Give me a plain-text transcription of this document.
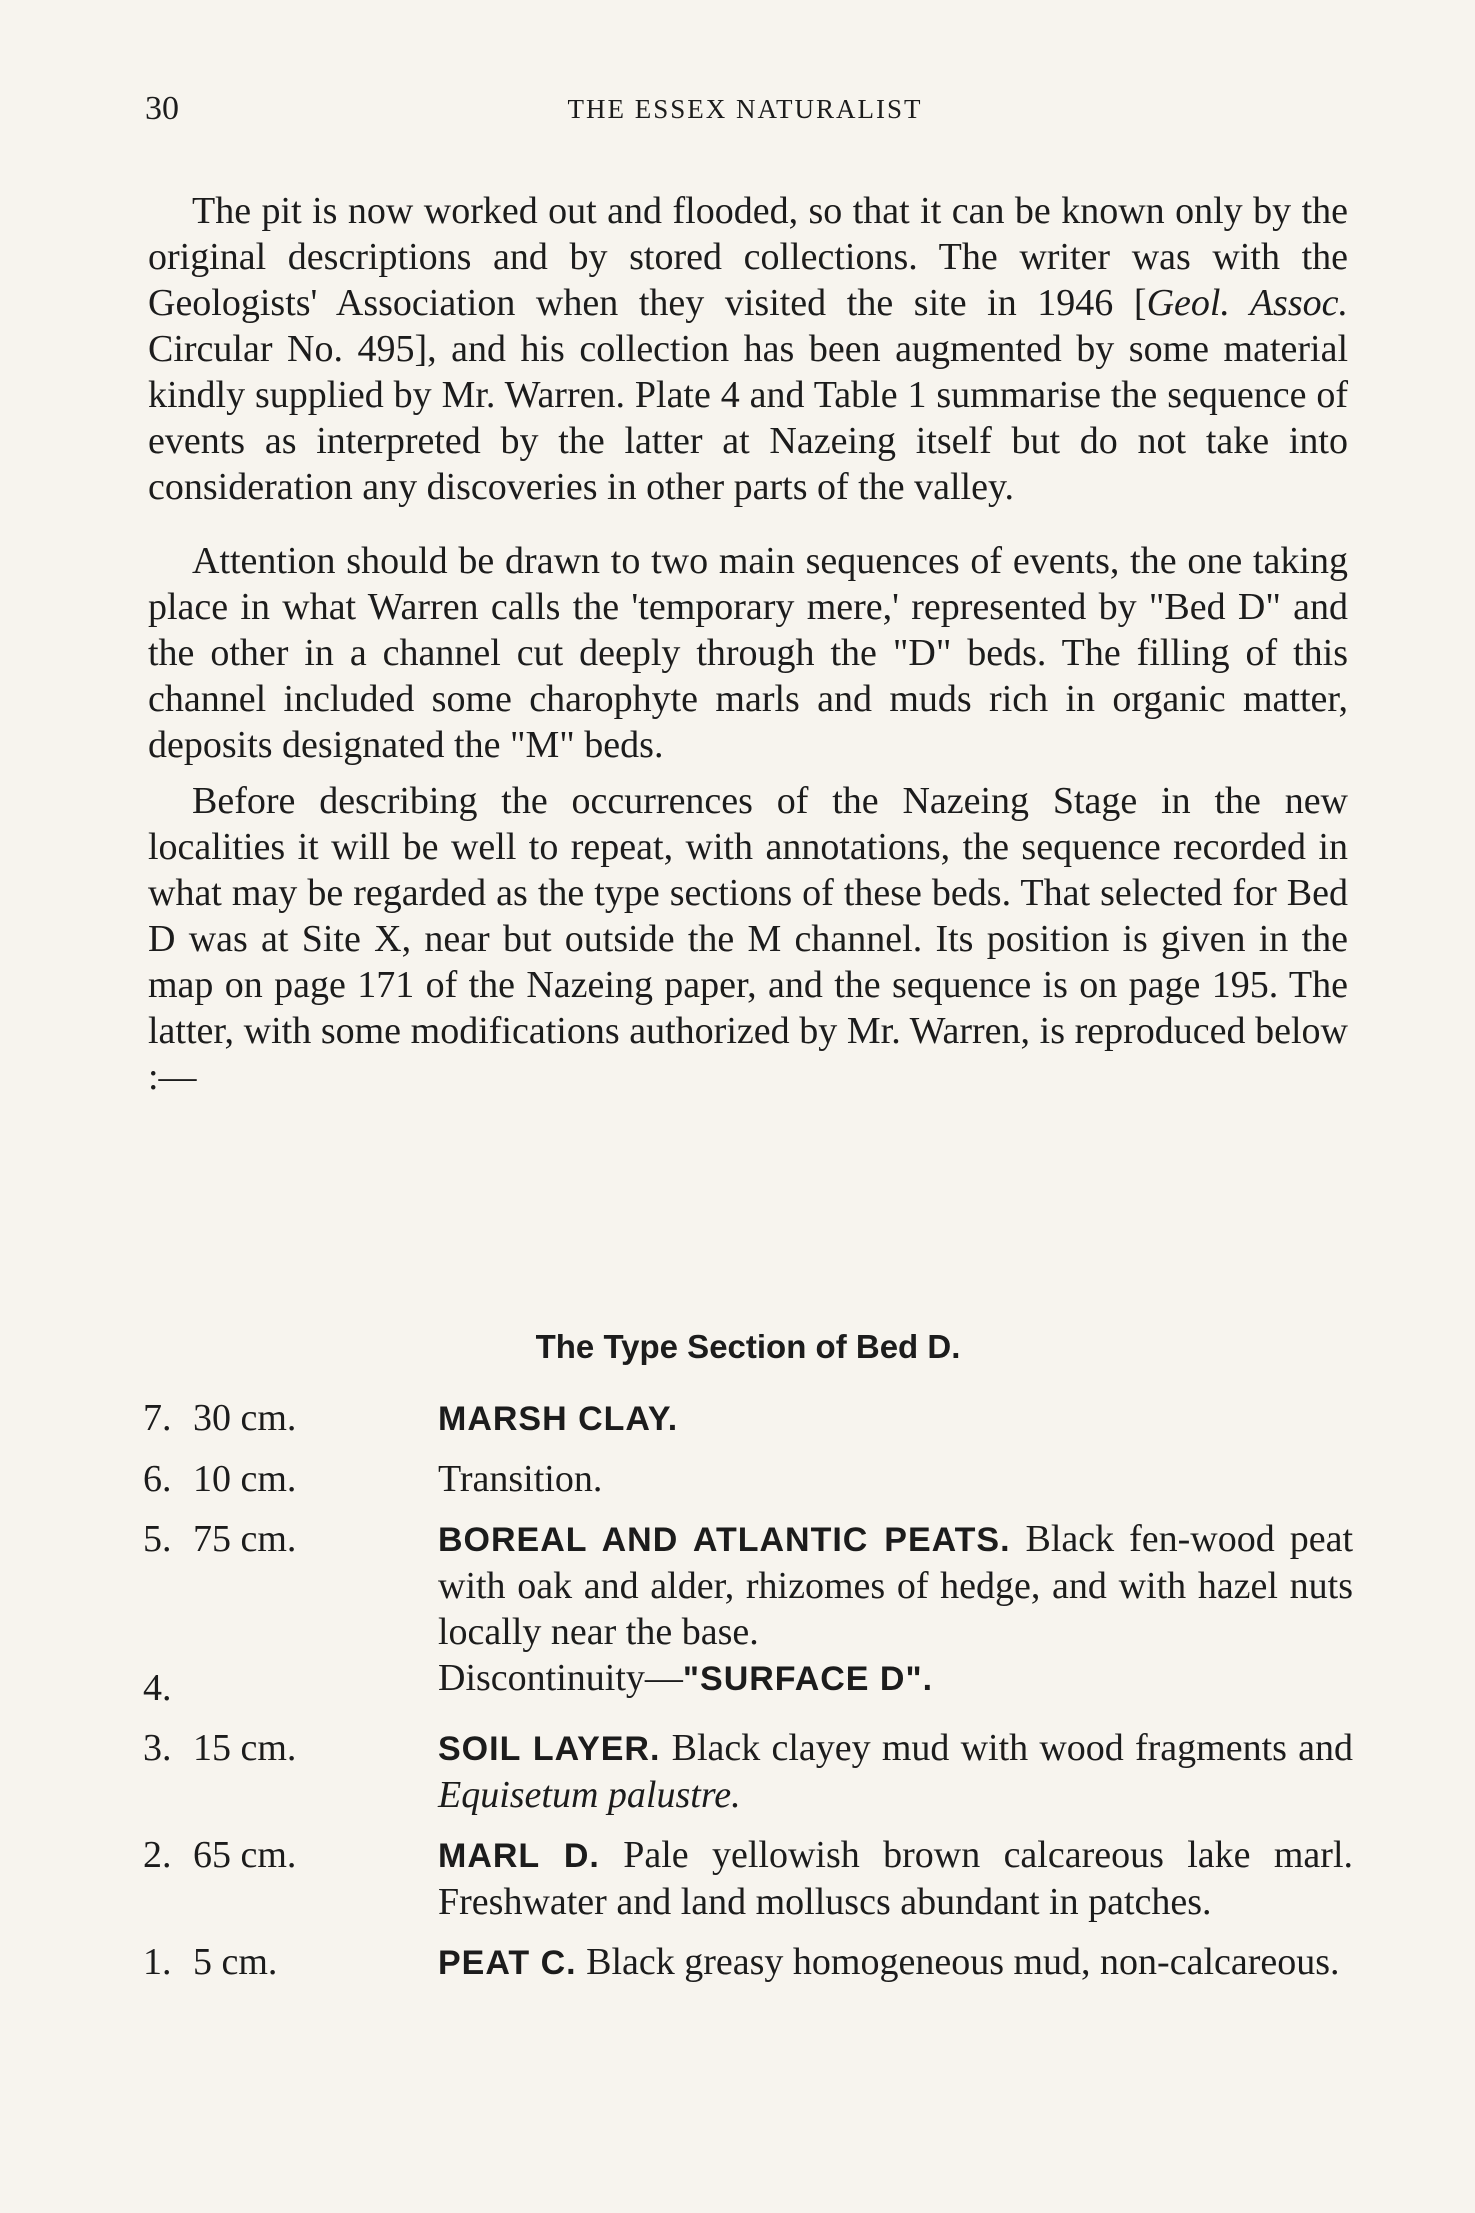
30	THE ESSEX NATURALIST

The pit is now worked out and flooded, so that it can be known only by the original descriptions and by stored collections. The writer was with the Geologists' Association when they visited the site in 1946 [Geol. Assoc. Circular No. 495], and his collection has been augmented by some material kindly supplied by Mr. Warren. Plate 4 and Table 1 summarise the sequence of events as interpreted by the latter at Nazeing itself but do not take into consideration any discoveries in other parts of the valley.

Attention should be drawn to two main sequences of events, the one taking place in what Warren calls the 'temporary mere,' represented by "Bed D" and the other in a channel cut deeply through the "D" beds. The filling of this channel included some charophyte marls and muds rich in organic matter, deposits designated the "M" beds.

Before describing the occurrences of the Nazeing Stage in the new localities it will be well to repeat, with annotations, the sequence recorded in what may be regarded as the type sections of these beds. That selected for Bed D was at Site X, near but outside the M channel. Its position is given in the map on page 171 of the Nazeing paper, and the sequence is on page 195. The latter, with some modifications authorized by Mr. Warren, is reproduced below :—

The Type Section of Bed D.
7. 30 cm.	MARSH CLAY.
6. 10 cm.	Transition.
5. 75 cm.	BOREAL AND ATLANTIC PEATS. Black fen-wood peat with oak and alder, rhizomes of hedge, and with hazel nuts locally near the base.
4.	Discontinuity—"SURFACE D".
3. 15 cm.	SOIL LAYER. Black clayey mud with wood fragments and Equisetum palustre.
2. 65 cm.	MARL D. Pale yellowish brown calcareous lake marl. Freshwater and land molluscs abundant in patches.
1. 5 cm.	PEAT C. Black greasy homogeneous mud, non-calcareous.
